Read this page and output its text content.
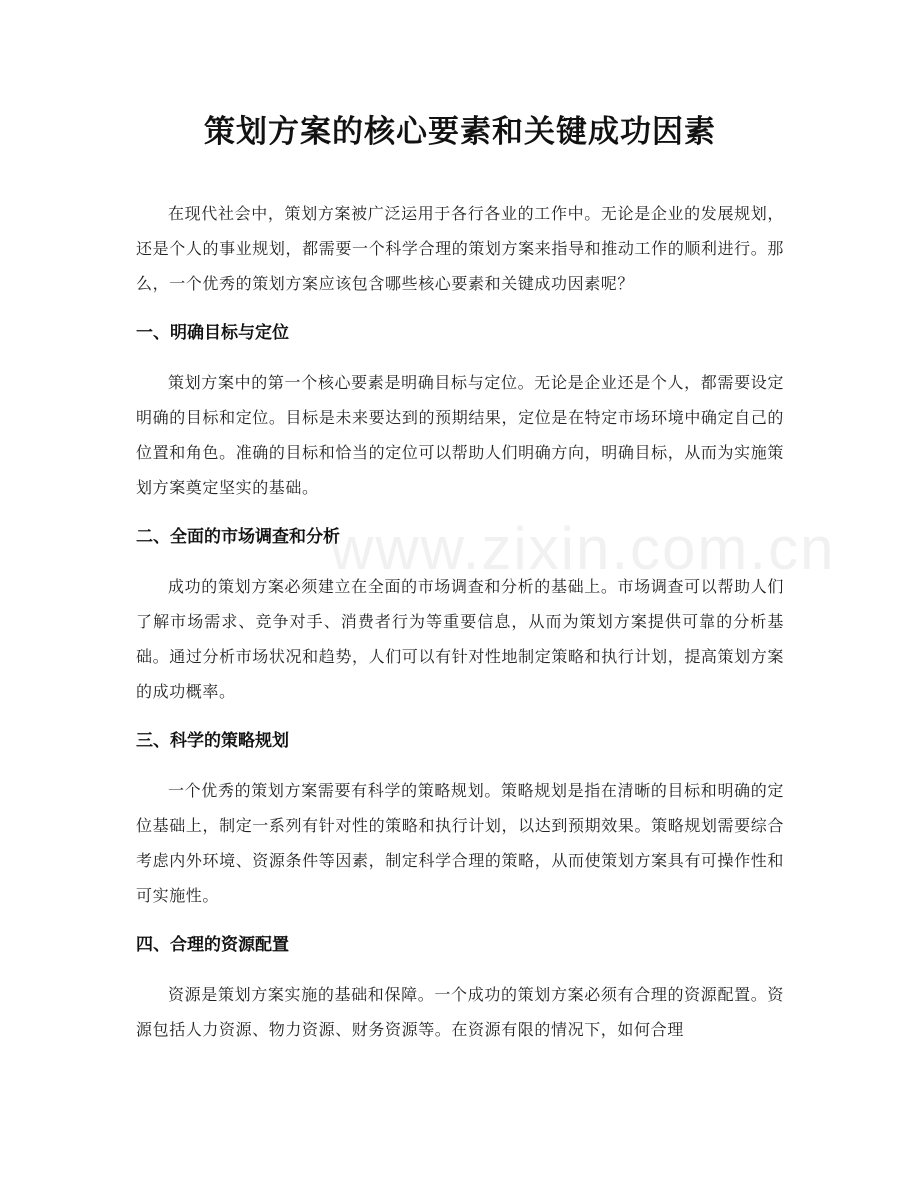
www.zixin.com.cn
策划方案的核心要素和关键成功因素

在现代社会中，策划方案被广泛运用于各行各业的工作中。无论是企业的发展规划，还是个人的事业规划，都需要一个科学合理的策划方案来指导和推动工作的顺利进行。那么，一个优秀的策划方案应该包含哪些核心要素和关键成功因素呢？

一、明确目标与定位

策划方案中的第一个核心要素是明确目标与定位。无论是企业还是个人，都需要设定明确的目标和定位。目标是未来要达到的预期结果，定位是在特定市场环境中确定自己的位置和角色。准确的目标和恰当的定位可以帮助人们明确方向，明确目标，从而为实施策划方案奠定坚实的基础。

二、全面的市场调查和分析

成功的策划方案必须建立在全面的市场调查和分析的基础上。市场调查可以帮助人们了解市场需求、竞争对手、消费者行为等重要信息，从而为策划方案提供可靠的分析基础。通过分析市场状况和趋势，人们可以有针对性地制定策略和执行计划，提高策划方案的成功概率。

三、科学的策略规划

一个优秀的策划方案需要有科学的策略规划。策略规划是指在清晰的目标和明确的定位基础上，制定一系列有针对性的策略和执行计划，以达到预期效果。策略规划需要综合考虑内外环境、资源条件等因素，制定科学合理的策略，从而使策划方案具有可操作性和可实施性。

四、合理的资源配置

资源是策划方案实施的基础和保障。一个成功的策划方案必须有合理的资源配置。资源包括人力资源、物力资源、财务资源等。在资源有限的情况下，如何合理
